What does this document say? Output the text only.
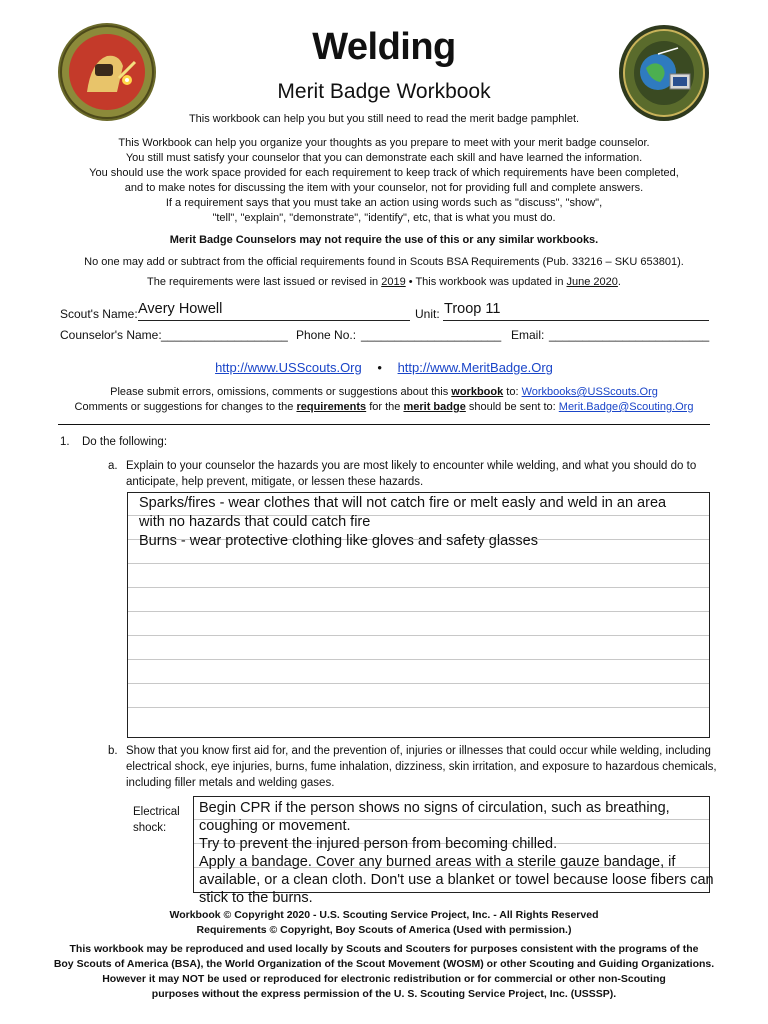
Welding
Merit Badge Workbook
This workbook can help you but you still need to read the merit badge pamphlet.
This Workbook can help you organize your thoughts as you prepare to meet with your merit badge counselor.
You still must satisfy your counselor that you can demonstrate each skill and have learned the information.
You should use the work space provided for each requirement to keep track of which requirements have been completed,
and to make notes for discussing the item with your counselor, not for providing full and complete answers.
If a requirement says that you must take an action using words such as "discuss", "show",
"tell", "explain", "demonstrate", "identify", etc, that is what you must do.
Merit Badge Counselors may not require the use of this or any similar workbooks.
No one may add or subtract from the official requirements found in Scouts BSA Requirements (Pub. 33216 – SKU 653801).
The requirements were last issued or revised in 2019 • This workbook was updated in June 2020.
Scout's Name: Avery Howell	Unit: Troop 11
Counselor's Name: ___________________ Phone No.: _____________________ Email: ________________________
http://www.USScouts.Org • http://www.MeritBadge.Org
Please submit errors, omissions, comments or suggestions about this workbook to: Workbooks@USScouts.Org
Comments or suggestions for changes to the requirements for the merit badge should be sent to: Merit.Badge@Scouting.Org
1. Do the following:
a. Explain to your counselor the hazards you are most likely to encounter while welding, and what you should do to
anticipate, help prevent, mitigate, or lessen these hazards.
Sparks/fires - wear clothes that will not catch fire or melt easly and weld in an area
with no hazards that could catch fire
Burns - wear protective clothing like gloves and safety glasses
b. Show that you know first aid for, and the prevention of, injuries or illnesses that could occur while welding, including
electrical shock, eye injuries, burns, fume inhalation, dizziness, skin irritation, and exposure to hazardous chemicals,
including filler metals and welding gases.
Electrical
shock:
Begin CPR if the person shows no signs of circulation, such as breathing,
coughing or movement.
Try to prevent the injured person from becoming chilled.
Apply a bandage. Cover any burned areas with a sterile gauze bandage, if
available, or a clean cloth. Don't use a blanket or towel because loose fibers can
stick to the burns.
Workbook © Copyright 2020 - U.S. Scouting Service Project, Inc. - All Rights Reserved
Requirements © Copyright, Boy Scouts of America (Used with permission.)
This workbook may be reproduced and used locally by Scouts and Scouters for purposes consistent with the programs of the
Boy Scouts of America (BSA), the World Organization of the Scout Movement (WOSM) or other Scouting and Guiding Organizations.
However it may NOT be used or reproduced for electronic redistribution or for commercial or other non-Scouting
purposes without the express permission of the U. S. Scouting Service Project, Inc. (USSSP).
